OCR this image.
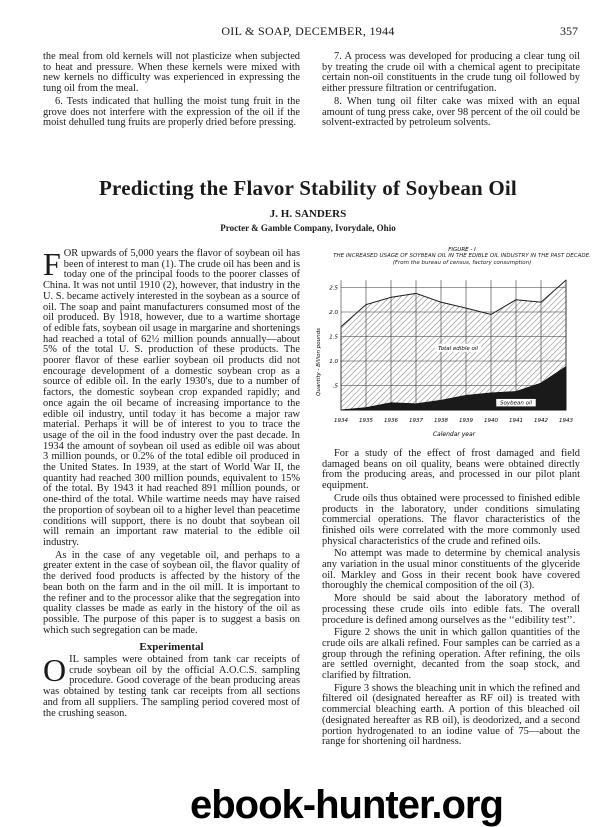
OIL & SOAP, DECEMBER, 1944	357

the meal from old kernels will not plasticize when subjected to heat and pressure. When these kernels were mixed with new kernels no difficulty was experienced in expressing the tung oil from the meal.

6. Tests indicated that hulling the moist tung fruit in the grove does not interfere with the expression of the oil if the moist dehulled tung fruits are properly dried before pressing.

7. A process was developed for producing a clear tung oil by treating the crude oil with a chemical agent to precipitate certain non-oil constituents in the crude tung oil followed by either pressure filtration or centrifugation.

8. When tung oil filter cake was mixed with an equal amount of tung press cake, over 98 percent of the oil could be solvent-extracted by petroleum solvents.

Predicting the Flavor Stability of Soybean Oil
J. H. SANDERS
Procter & Gamble Company, Ivorydale, Ohio

FOR upwards of 5,000 years the flavor of soybean oil has been of interest to man (1). The crude oil has been and is today one of the principal foods to the poorer classes of China. It was not until 1910 (2), however, that industry in the U. S. became actively interested in the soybean as a source of oil. The soap and paint manufacturers consumed most of the oil produced. By 1918, however, due to a wartime shortage of edible fats, soybean oil usage in margarine and shortenings had reached a total of 62½ million pounds annually—about 5% of the total U. S. production of these products. The poorer flavor of these earlier soybean oil products did not encourage development of a domestic soybean crop as a source of edible oil. In the early 1930's, due to a number of factors, the domestic soybean crop expanded rapidly; and once again the oil became of increasing importance to the edible oil industry, until today it has become a major raw material. Perhaps it will be of interest to you to trace the usage of the oil in the food industry over the past decade. In 1934 the amount of soybean oil used as edible oil was about 3 million pounds, or 0.2% of the total edible oil produced in the United States. In 1939, at the start of World War II, the quantity had reached 300 million pounds, equivalent to 15% of the total. By 1943 it had reached 891 million pounds, or one-third of the total. While wartime needs may have raised the proportion of soybean oil to a higher level than peacetime conditions will support, there is no doubt that soybean oil will remain an important raw material to the edible oil industry.

As in the case of any vegetable oil, and perhaps to a greater extent in the case of soybean oil, the flavor quality of the derived food products is affected by the history of the bean both on the farm and in the oil mill. It is important to the refiner and to the processor alike that the segregation into quality classes be made as early in the history of the oil as possible. The purpose of this paper is to suggest a basis on which such segregation can be made.

Experimental

OIL samples were obtained from tank car receipts of crude soybean oil by the official A.O.C.S. sampling procedure. Good coverage of the bean producing areas was obtained by testing tank car receipts from all sections and from all suppliers. The sampling period covered most of the crushing season.

FIGURE - I
THE INCREASED USAGE OF SOYBEAN OIL IN THE EDIBLE OIL INDUSTRY IN THE PAST DECADE.
(From the bureau of census, factory consumption)
2.5
2.0
1.5
1.0
.5
1934 1935 1936 1937 1938 1939 1940 1941 1942 1943
Total edible oil
Soybean oil
Calendar year
Quantity - Billion pounds

For a study of the effect of frost damaged and field damaged beans on oil quality, beans were obtained directly from the producing areas, and processed in our pilot plant equipment.

Crude oils thus obtained were processed to finished edible products in the laboratory, under conditions simulating commercial operations. The flavor characteristics of the finished oils were correlated with the more commonly used physical characteristics of the crude and refined oils.

No attempt was made to determine by chemical analysis any variation in the usual minor constituents of the glyceride oil. Markley and Goss in their recent book have covered thoroughly the chemical composition of the oil (3).

More should be said about the laboratory method of processing these crude oils into edible fats. The overall procedure is defined among ourselves as the ‘‘edibility test’’.

Figure 2 shows the unit in which gallon quantities of the crude oils are alkali refined. Four samples can be carried as a group through the refining operation. After refining, the oils are settled overnight, decanted from the soap stock, and clarified by filtration.

Figure 3 shows the bleaching unit in which the refined and filtered oil (designated hereafter as RF oil) is treated with commercial bleaching earth. A portion of this bleached oil (designated hereafter as RB oil), is deodorized, and a second portion hydrogenated to an iodine value of 75—about the range for shortening oil hardness.

ebook-hunter.org
